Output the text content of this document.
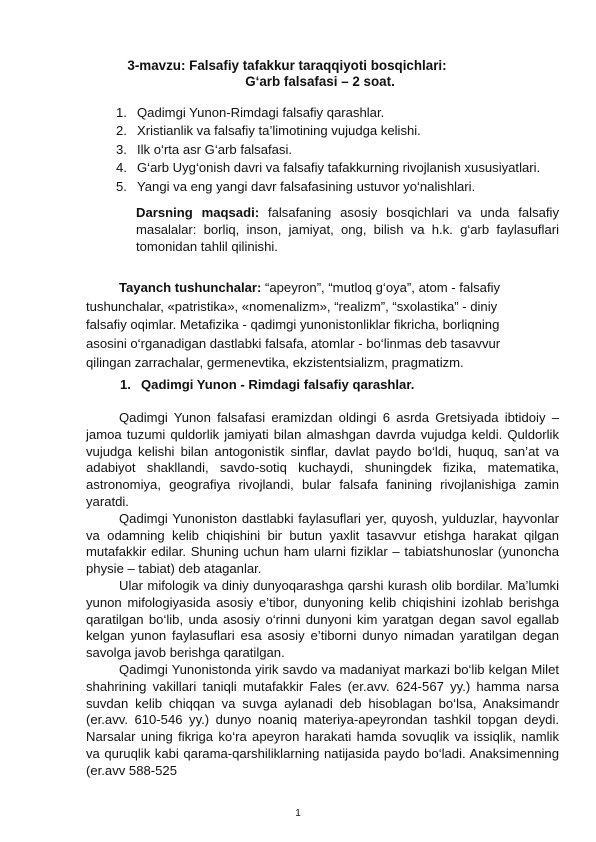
3-mavzu: Falsafiy tafakkur taraqqiyoti bosqichlari:
G‘arb falsafasi – 2 soat.
1. Qadimgi Yunon-Rimdagi falsafiy qarashlar.
2. Xristianlik va falsafiy ta’limotining vujudga kelishi.
3. Ilk o‘rta asr G‘arb falsafasi.
4. G‘arb Uyg‘onish davri va falsafiy tafakkurning rivojlanish xususiyatlari.
5. Yangi va eng yangi davr falsafasining ustuvor yo‘nalishlari.
Darsning maqsadi: falsafaning asosiy bosqichlari va unda falsafiy masalalar: borliq, inson, jamiyat, ong, bilish va h.k. g‘arb faylasuflari tomonidan tahlil qilinishi.
Tayanch tushunchalar: “apeyron”, “mutloq g‘oya”, atom - falsafiy
tushunchalar, «patristika», «nomenalizm», “realizm”, “sxolastika” - diniy
falsafiy oqimlar. Metafizika - qadimgi yunonistonliklar fikricha, borliqning
asosini o‘rganadigan dastlabki falsafa, atomlar - bo‘linmas deb tasavvur
qilingan zarrachalar, germenevtika, ekzistentsializm, pragmatizm.
1. Qadimgi Yunon - Rimdagi falsafiy qarashlar.

Qadimgi Yunon falsafasi eramizdan oldingi 6 asrda Gretsiyada ibtidoiy – jamoa tuzumi quldorlik jamiyati bilan almashgan davrda vujudga keldi. Quldorlik vujudga kelishi bilan antogonistik sinflar, davlat paydo bo‘ldi, huquq, san’at va adabiyot shakllandi, savdo-sotiq kuchaydi, shuningdek fizika, matematika, astronomiya, geografiya rivojlandi, bular falsafa fanining rivojlanishiga zamin yaratdi.

Qadimgi Yunoniston dastlabki faylasuflari yer, quyosh, yulduzlar, hayvonlar va odamning kelib chiqishini bir butun yaxlit tasavvur etishga harakat qilgan mutafakkir edilar. Shuning uchun ham ularni fiziklar – tabiatshunoslar (yunoncha physie – tabiat) deb ataganlar.

Ular mifologik va diniy dunyoqarashga qarshi kurash olib bordilar. Ma’lumki yunon mifologiyasida asosiy e’tibor, dunyoning kelib chiqishini izohlab berishga qaratilgan bo‘lib, unda asosiy o‘rinni dunyoni kim yaratgan degan savol egallab kelgan yunon faylasuflari esa asosiy e’tiborni dunyo nimadan yaratilgan degan savolga javob berishga qaratilgan.

Qadimgi Yunonistonda yirik savdo va madaniyat markazi bo‘lib kelgan Milet shahrining vakillari taniqli mutafakkir Fales (er.avv. 624-567 yy.) hamma narsa suvdan kelib chiqqan va suvga aylanadi deb hisoblagan bo‘lsa, Anaksimandr (er.avv. 610-546 yy.) dunyo noaniq materiya-apeyrondan tashkil topgan deydi. Narsalar uning fikriga ko‘ra apeyron harakati hamda sovuqlik va issiqlik, namlik va quruqlik kabi qarama-qarshiliklarning natijasida paydo bo‘ladi. Anaksimenning (er.avv 588-525

1
